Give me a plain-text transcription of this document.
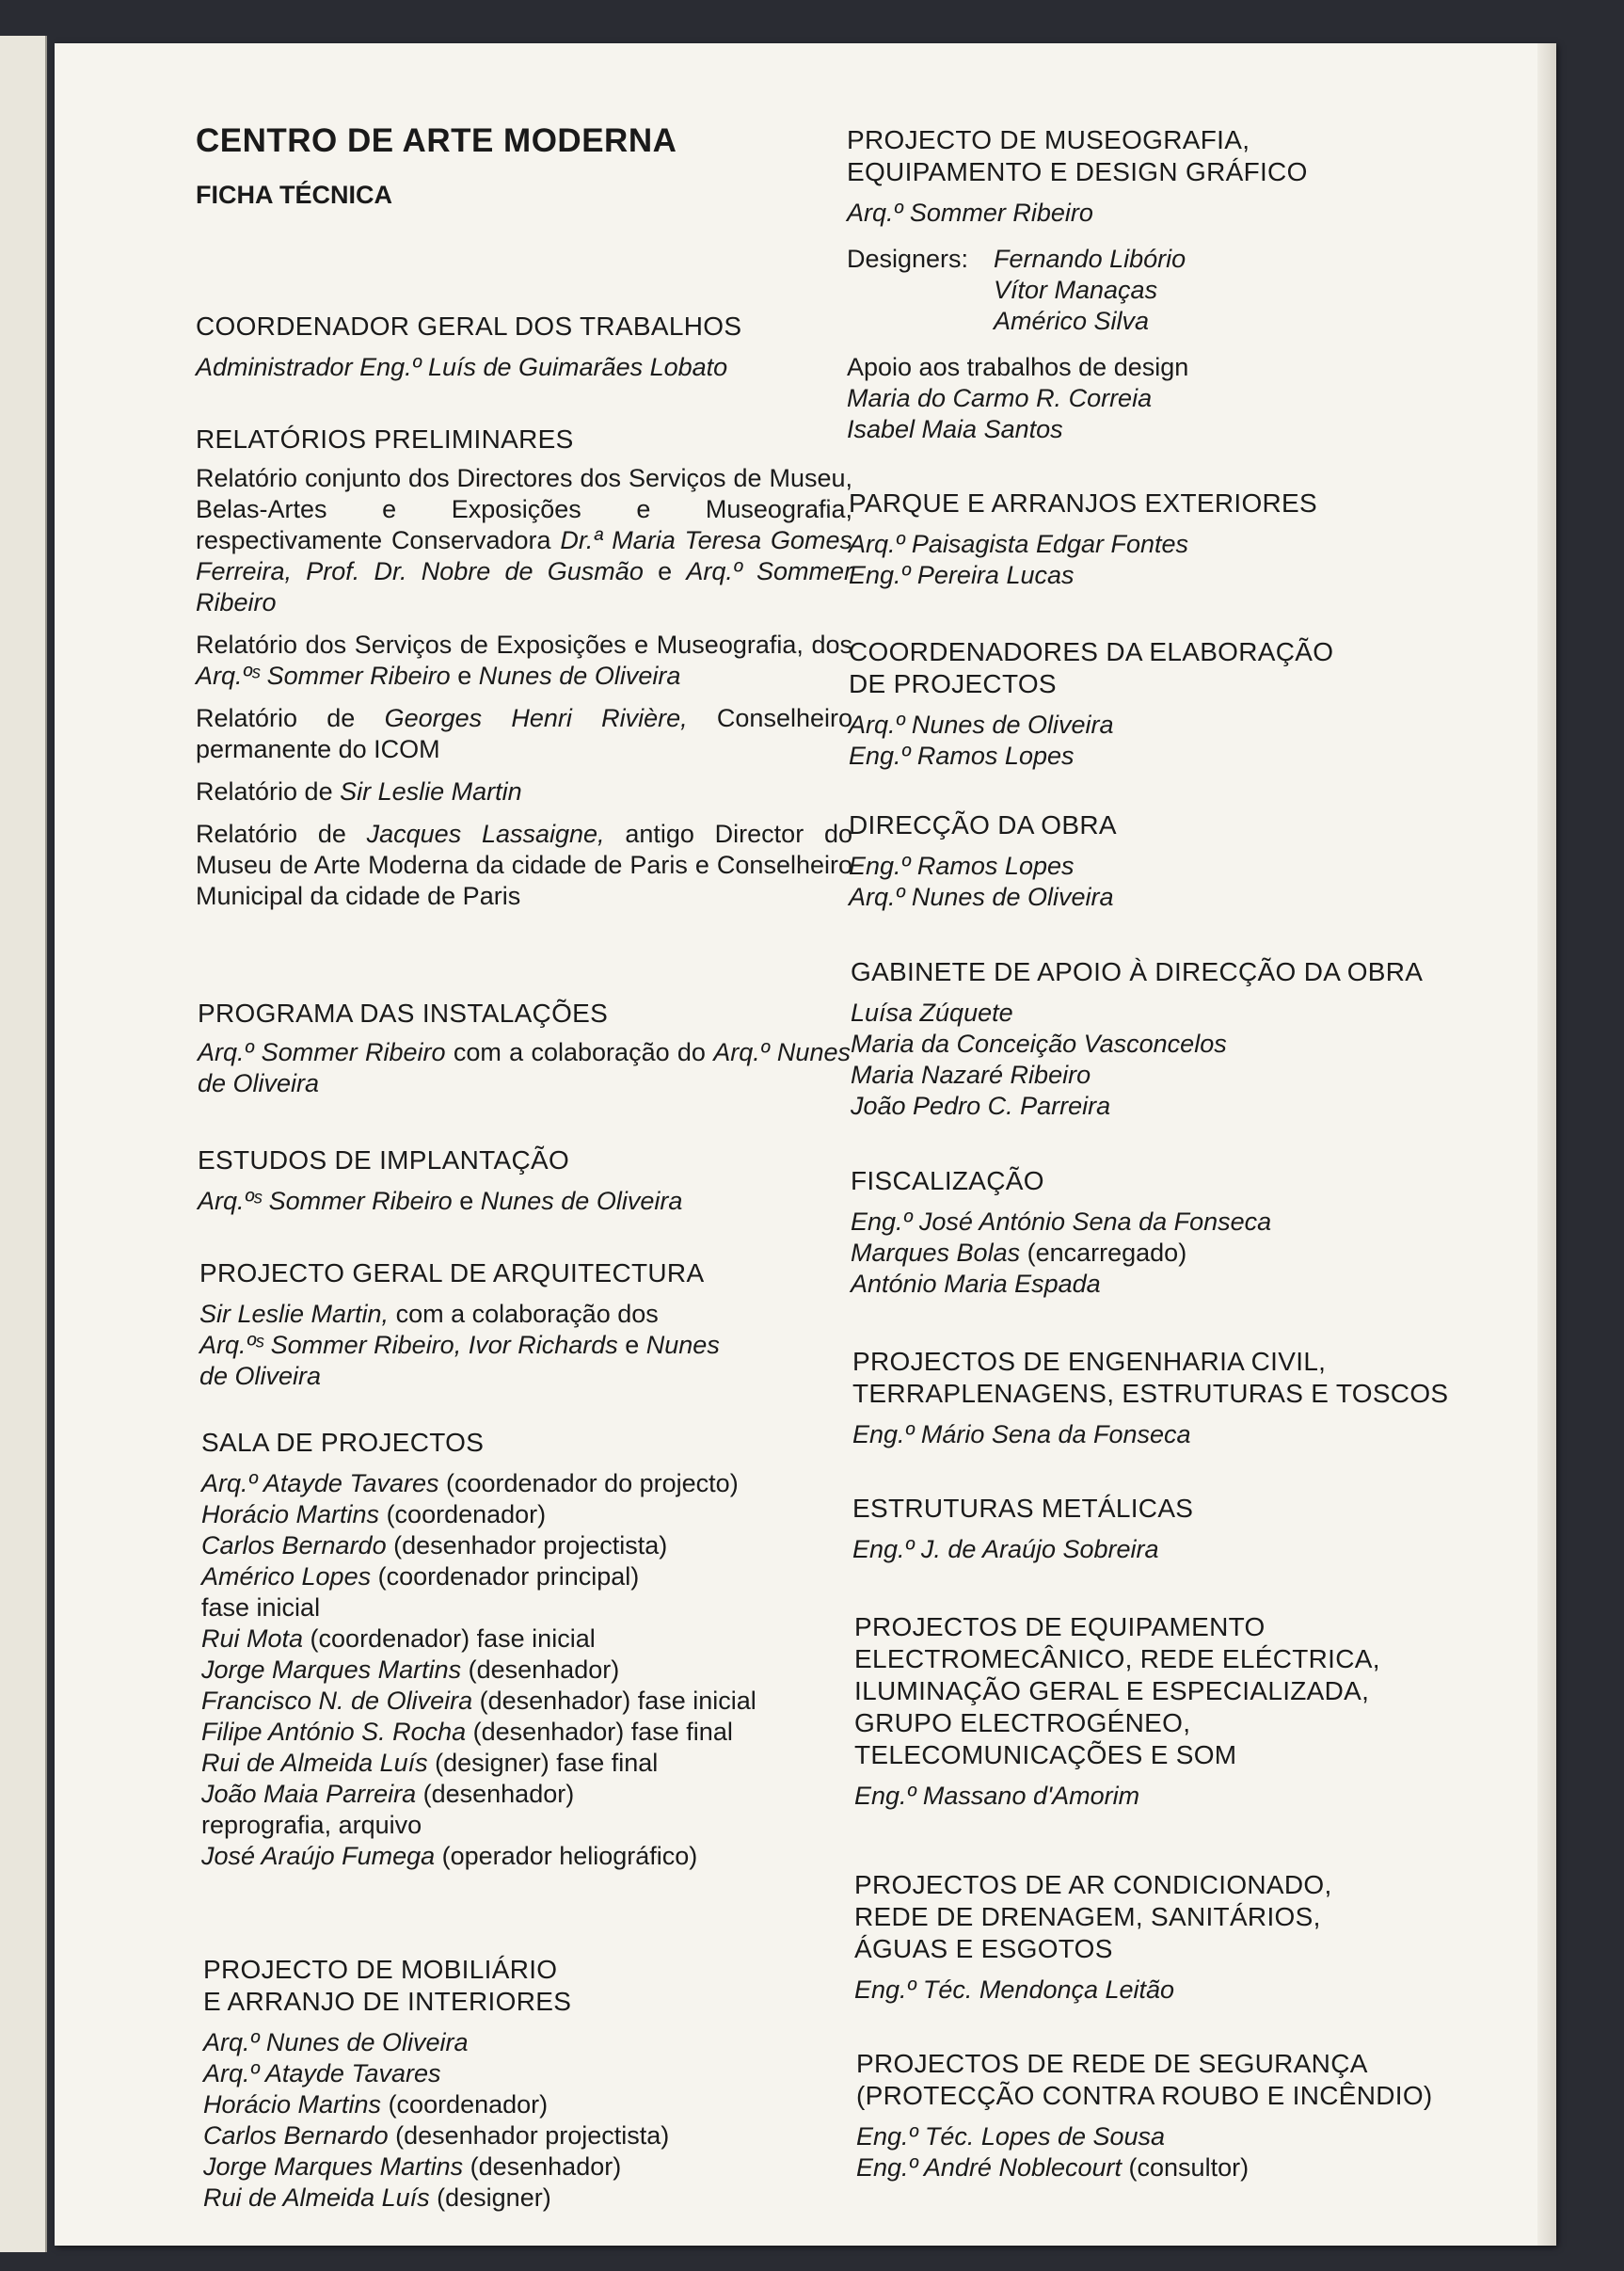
CENTRO DE ARTE MODERNA
FICHA TÉCNICA
COORDENADOR GERAL DOS TRABALHOS
Administrador Eng.º Luís de Guimarães Lobato
RELATÓRIOS PRELIMINARES
Relatório conjunto dos Directores dos Serviços de Museu, Belas-Artes e Exposições e Museografia, respectivamente Conservadora Dr.ª Maria Teresa Gomes Ferreira, Prof. Dr. Nobre de Gusmão e Arq.º Sommer Ribeiro
Relatório dos Serviços de Exposições e Museografia, dos Arq.ºˢ Sommer Ribeiro e Nunes de Oliveira
Relatório de Georges Henri Rivière, Conselheiro permanente do ICOM
Relatório de Sir Leslie Martin
Relatório de Jacques Lassaigne, antigo Director do Museu de Arte Moderna da cidade de Paris e Conselheiro Municipal da cidade de Paris
PROGRAMA DAS INSTALAÇÕES
Arq.º Sommer Ribeiro com a colaboração do Arq.º Nunes de Oliveira
ESTUDOS DE IMPLANTAÇÃO
Arq.ºˢ Sommer Ribeiro e Nunes de Oliveira
PROJECTO GERAL DE ARQUITECTURA
Sir Leslie Martin, com a colaboração dos Arq.ºˢ Sommer Ribeiro, Ivor Richards e Nunes de Oliveira
SALA DE PROJECTOS
Arq.º Atayde Tavares (coordenador do projecto)
Horácio Martins (coordenador)
Carlos Bernardo (desenhador projectista)
Américo Lopes (coordenador principal)
fase inicial
Rui Mota (coordenador) fase inicial
Jorge Marques Martins (desenhador)
Francisco N. de Oliveira (desenhador) fase inicial
Filipe António S. Rocha (desenhador) fase final
Rui de Almeida Luís (designer) fase final
João Maia Parreira (desenhador)
reprografia, arquivo
José Araújo Fumega (operador heliográfico)
PROJECTO DE MOBILIÁRIO
E ARRANJO DE INTERIORES
Arq.º Nunes de Oliveira
Arq.º Atayde Tavares
Horácio Martins (coordenador)
Carlos Bernardo (desenhador projectista)
Jorge Marques Martins (desenhador)
Rui de Almeida Luís (designer)
PROJECTO DE MUSEOGRAFIA,
EQUIPAMENTO E DESIGN GRÁFICO
Arq.º Sommer Ribeiro
Designers: Fernando Libório
Vítor Manaças
Américo Silva
Apoio aos trabalhos de design
Maria do Carmo R. Correia
Isabel Maia Santos
PARQUE E ARRANJOS EXTERIORES
Arq.º Paisagista Edgar Fontes
Eng.º Pereira Lucas
COORDENADORES DA ELABORAÇÃO
DE PROJECTOS
Arq.º Nunes de Oliveira
Eng.º Ramos Lopes
DIRECÇÃO DA OBRA
Eng.º Ramos Lopes
Arq.º Nunes de Oliveira
GABINETE DE APOIO À DIRECÇÃO DA OBRA
Luísa Zúquete
Maria da Conceição Vasconcelos
Maria Nazaré Ribeiro
João Pedro C. Parreira
FISCALIZAÇÃO
Eng.º José António Sena da Fonseca
Marques Bolas (encarregado)
António Maria Espada
PROJECTOS DE ENGENHARIA CIVIL,
TERRAPLENAGENS, ESTRUTURAS E TOSCOS
Eng.º Mário Sena da Fonseca
ESTRUTURAS METÁLICAS
Eng.º J. de Araújo Sobreira
PROJECTOS DE EQUIPAMENTO
ELECTROMECÂNICO, REDE ELÉCTRICA,
ILUMINAÇÃO GERAL E ESPECIALIZADA,
GRUPO ELECTROGÉNEO,
TELECOMUNICAÇÕES E SOM
Eng.º Massano d'Amorim
PROJECTOS DE AR CONDICIONADO,
REDE DE DRENAGEM, SANITÁRIOS,
ÁGUAS E ESGOTOS
Eng.º Téc. Mendonça Leitão
PROJECTOS DE REDE DE SEGURANÇA
(PROTECÇÃO CONTRA ROUBO E INCÊNDIO)
Eng.º Téc. Lopes de Sousa
Eng.º André Noblecourt (consultor)
